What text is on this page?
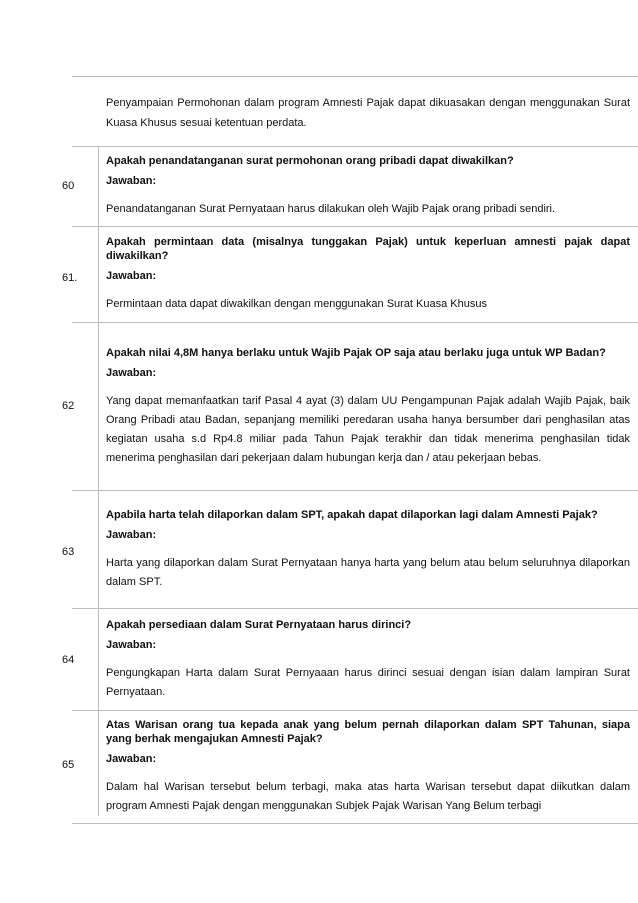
Penyampaian Permohonan dalam program Amnesti Pajak dapat dikuasakan dengan menggunakan Surat Kuasa Khusus sesuai ketentuan perdata.

60
Apakah penandatanganan surat permohonan orang pribadi dapat diwakilkan?
Jawaban:
Penandatanganan Surat Pernyataan harus dilakukan oleh Wajib Pajak orang pribadi sendiri.

61.
Apakah permintaan data (misalnya tunggakan Pajak) untuk keperluan amnesti pajak dapat diwakilkan?
Jawaban:
Permintaan data dapat diwakilkan dengan menggunakan Surat Kuasa Khusus

62
Apakah nilai 4,8M hanya berlaku untuk Wajib Pajak OP saja atau berlaku juga untuk WP Badan?
Jawaban:
Yang dapat memanfaatkan tarif Pasal 4 ayat (3) dalam UU Pengampunan Pajak adalah Wajib Pajak, baik Orang Pribadi atau Badan, sepanjang memiliki peredaran usaha hanya bersumber dari penghasilan atas kegiatan usaha s.d Rp4.8 miliar pada Tahun Pajak terakhir dan tidak menerima penghasilan tidak menerima penghasilan dari pekerjaan dalam hubungan kerja dan / atau pekerjaan bebas.

63
Apabila harta telah dilaporkan dalam SPT, apakah dapat dilaporkan lagi dalam Amnesti Pajak?
Jawaban:
Harta yang dilaporkan dalam Surat Pernyataan hanya harta yang belum atau belum seluruhnya dilaporkan dalam SPT.

64
Apakah persediaan dalam Surat Pernyataan harus dirinci?
Jawaban:
Pengungkapan Harta dalam Surat Pernyaaan harus dirinci sesuai dengan isian dalam lampiran Surat Pernyataan.

65
Atas Warisan orang tua kepada anak yang belum pernah dilaporkan dalam SPT Tahunan, siapa yang berhak mengajukan Amnesti Pajak?
Jawaban:
Dalam hal Warisan tersebut belum terbagi, maka atas harta Warisan tersebut dapat diikutkan dalam program Amnesti Pajak dengan menggunakan Subjek Pajak Warisan Yang Belum terbagi
